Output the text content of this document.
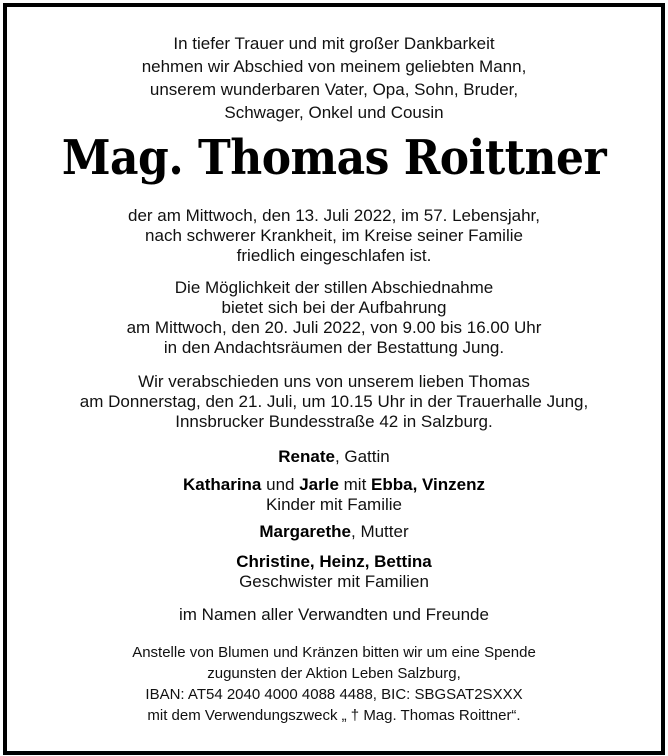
In tiefer Trauer und mit großer Dankbarkeit
nehmen wir Abschied von meinem geliebten Mann,
unserem wunderbaren Vater, Opa, Sohn, Bruder,
Schwager, Onkel und Cousin
Mag. Thomas Roittner
der am Mittwoch, den 13. Juli 2022, im 57. Lebensjahr,
nach schwerer Krankheit, im Kreise seiner Familie
friedlich eingeschlafen ist.
Die Möglichkeit der stillen Abschiednahme
bietet sich bei der Aufbahrung
am Mittwoch, den 20. Juli 2022, von 9.00 bis 16.00 Uhr
in den Andachtsräumen der Bestattung Jung.
Wir verabschieden uns von unserem lieben Thomas
am Donnerstag, den 21. Juli, um 10.15 Uhr in der Trauerhalle Jung,
Innsbrucker Bundesstraße 42 in Salzburg.
Renate, Gattin
Katharina und Jarle mit Ebba, Vinzenz
Kinder mit Familie
Margarethe, Mutter
Christine, Heinz, Bettina
Geschwister mit Familien
im Namen aller Verwandten und Freunde
Anstelle von Blumen und Kränzen bitten wir um eine Spende
zugunsten der Aktion Leben Salzburg,
IBAN: AT54 2040 4000 4088 4488, BIC: SBGSAT2SXXX
mit dem Verwendungszweck „ † Mag. Thomas Roittner“.
